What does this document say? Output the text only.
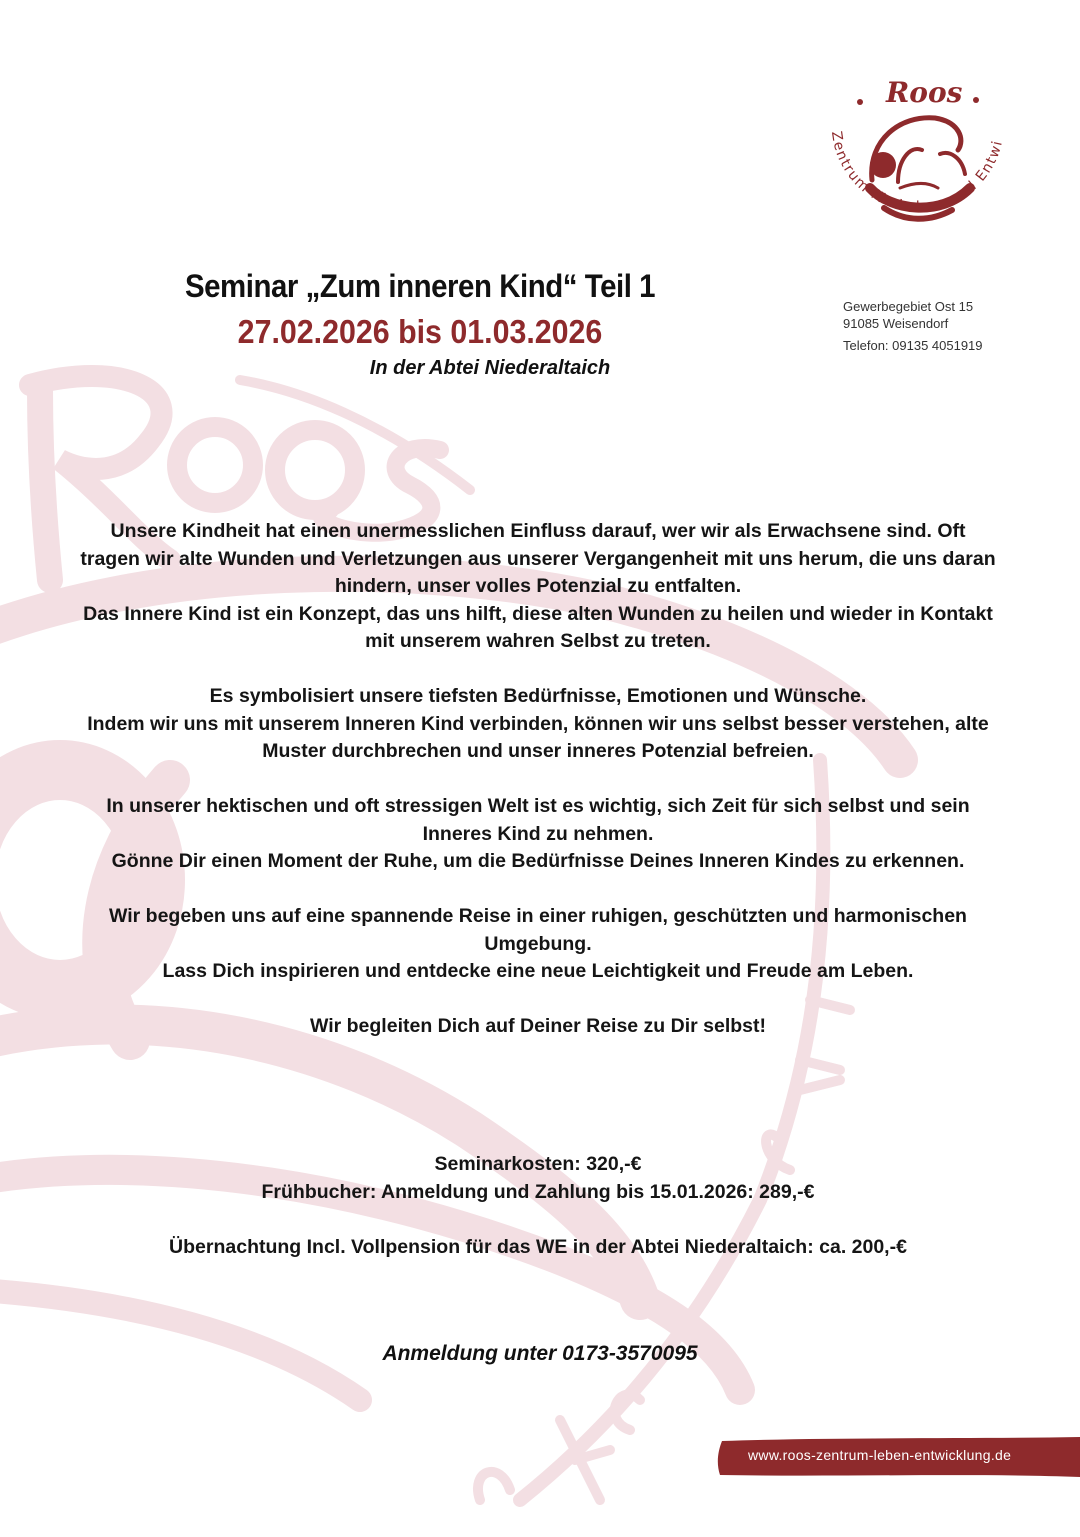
Roos
Zentrum für Leben und Entwi
Gewerbegebiet Ost 15
91085 Weisendorf
Telefon: 09135 4051919
Seminar „Zum inneren Kind“ Teil 1
27.02.2026 bis 01.03.2026
In der Abtei Niederaltaich

Unsere Kindheit hat einen unermesslichen Einfluss darauf, wer wir als Erwachsene sind. Oft tragen wir alte Wunden und Verletzungen aus unserer Vergangenheit mit uns herum, die uns daran hindern, unser volles Potenzial zu entfalten.

Das Innere Kind ist ein Konzept, das uns hilft, diese alten Wunden zu heilen und wieder in Kontakt mit unserem wahren Selbst zu treten.

Es symbolisiert unsere tiefsten Bedürfnisse, Emotionen und Wünsche.

Indem wir uns mit unserem Inneren Kind verbinden, können wir uns selbst besser verstehen, alte Muster durchbrechen und unser inneres Potenzial befreien.

In unserer hektischen und oft stressigen Welt ist es wichtig, sich Zeit für sich selbst und sein Inneres Kind zu nehmen.

Gönne Dir einen Moment der Ruhe, um die Bedürfnisse Deines Inneren Kindes zu erkennen.

Wir begeben uns auf eine spannende Reise in einer ruhigen, geschützten und harmonischen Umgebung.

Lass Dich inspirieren und entdecke eine neue Leichtigkeit und Freude am Leben.

Wir begleiten Dich auf Deiner Reise zu Dir selbst!

Seminarkosten: 320,-€

Frühbucher: Anmeldung und Zahlung bis 15.01.2026: 289,-€

Übernachtung Incl. Vollpension für das WE in der Abtei Niederaltaich: ca. 200,-€

Anmeldung unter 0173-3570095
www.roos-zentrum-leben-entwicklung.de
